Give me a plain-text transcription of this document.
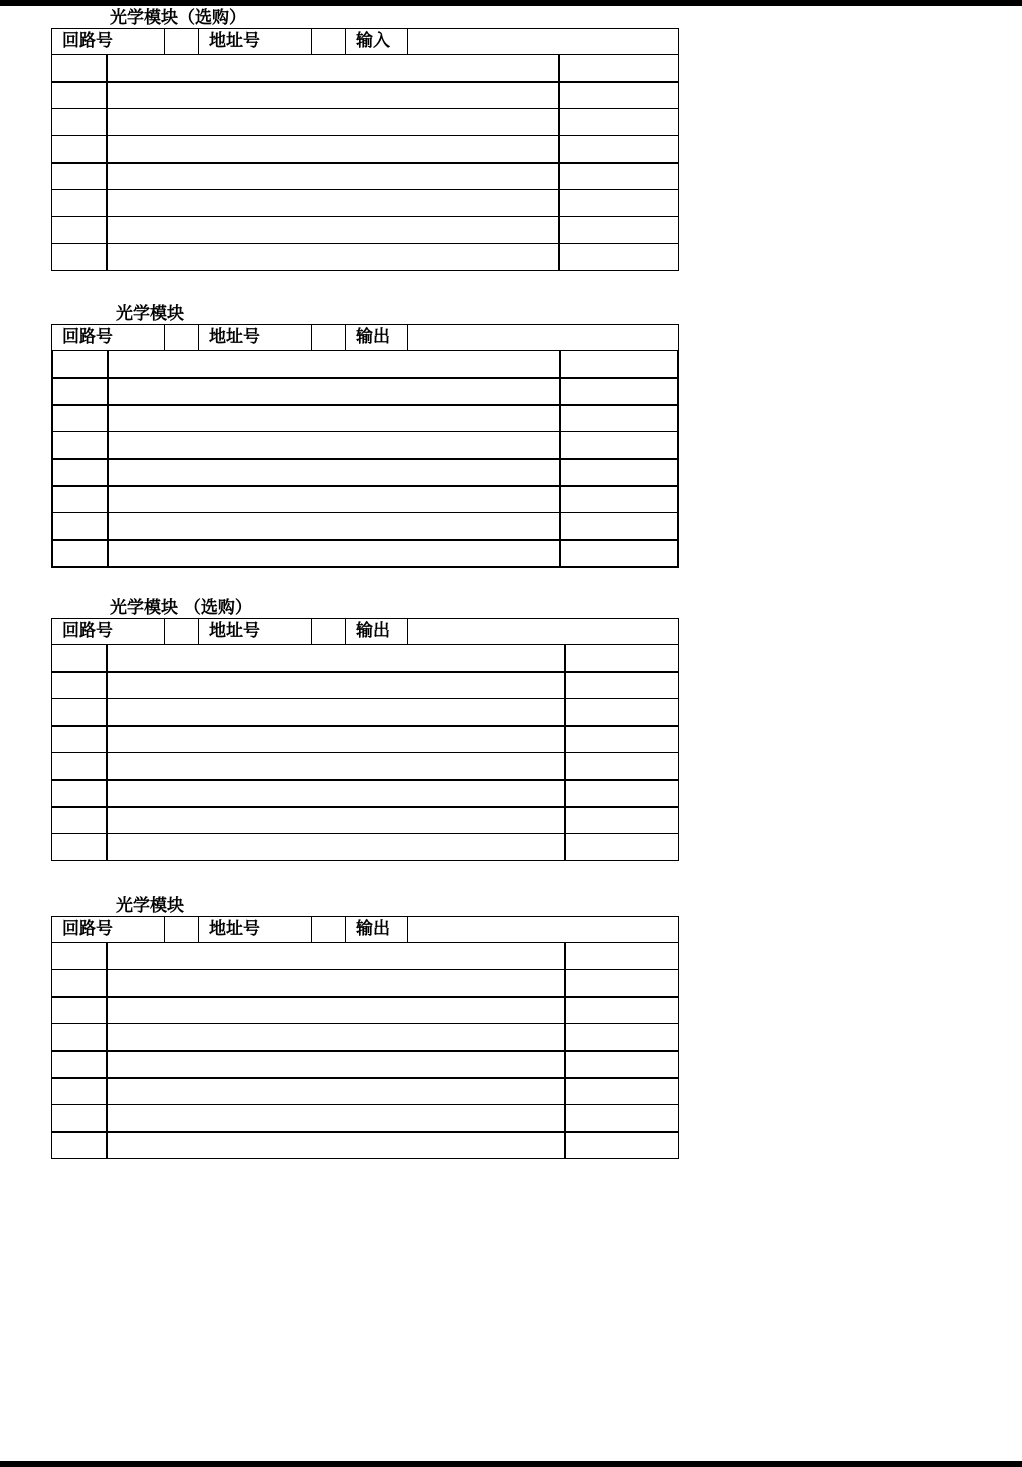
光学模块（选购）
回路号	地址号	输入
光学模块
回路号	地址号	输出
光学模块 （选购）
回路号	地址号	输出
光学模块
回路号	地址号	输出
